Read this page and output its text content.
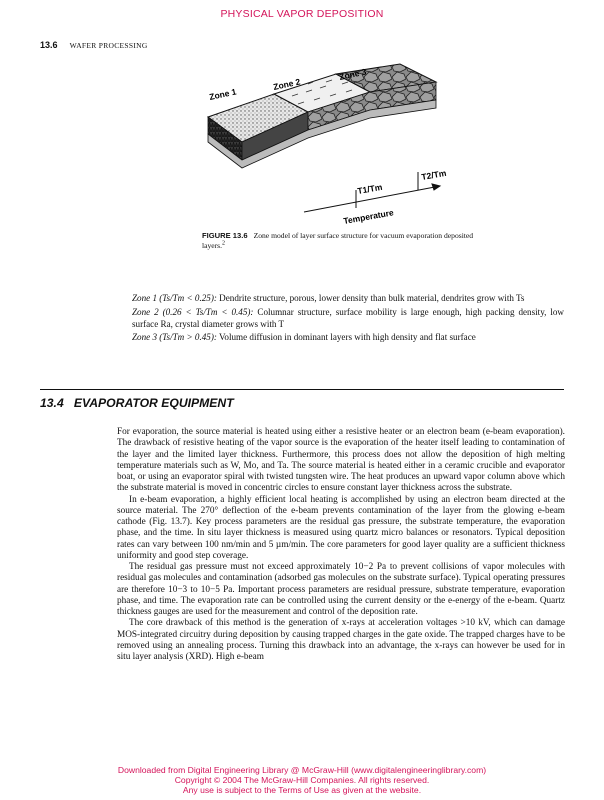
PHYSICAL VAPOR DEPOSITION
13.6 WAFER PROCESSING
Zone 1
Zone 2
Zone 3
T1/Tm
T2/Tm
Temperature
FIGURE 13.6 Zone model of layer surface structure for vacuum evaporation deposited layers.$^2$
Zone 1 (Ts/Tm < 0.25): Dendrite structure, porous, lower density than bulk material, dendrites grow with Ts
Zone 2 (0.26 < Ts/Tm < 0.45): Columnar structure, surface mobility is large enough, high packing density, low surface Ra, crystal diameter grows with T
Zone 3 (Ts/Tm > 0.45): Volume diffusion in dominant layers with high density and flat surface
13.4   EVAPORATOR EQUIPMENT

For evaporation, the source material is heated using either a resistive heater or an electron beam (e-beam evaporation). The drawback of resistive heating of the vapor source is the evaporation of the heater itself leading to contamination of the layer and the limited layer thickness. Furthermore, this process does not allow the deposition of high melting temperature materials such as W, Mo, and Ta. The source material is heated either in a ceramic crucible and evaporator boat, or using an evaporator spiral with twisted tungsten wire. The heat produces an upward vapor column above which the substrate material is moved in concentric circles to ensure constant layer thickness across the substrate.

In e-beam evaporation, a highly efficient local heating is accomplished by using an electron beam directed at the source material. The 270° deflection of the e-beam prevents contamination of the layer from the glowing e-beam cathode (Fig. 13.7). Key process parameters are the residual gas pressure, the substrate temperature, the evaporation phase, and the time. In situ layer thickness is measured using quartz micro balances or resonators. Typical deposition rates can vary between 100 nm/min and 5 µm/min. The core parameters for good layer quality are a sufficient thickness uniformity and good step coverage.

The residual gas pressure must not exceed approximately 10−2 Pa to prevent collisions of vapor molecules with residual gas molecules and contamination (adsorbed gas molecules on the substrate surface). Typical operating pressures are therefore 10−3 to 10−5 Pa. Important process parameters are residual pressure, substrate temperature, evaporation phase, and time. The evaporation rate can be controlled using the current density or the e-energy of the e-beam. Quartz thickness gauges are used for the measurement and control of the deposition rate.

The core drawback of this method is the generation of x-rays at acceleration voltages >10 kV, which can damage MOS-integrated circuitry during deposition by causing trapped charges in the gate oxide. The trapped charges have to be removed using an annealing process. Turning this drawback into an advantage, the x-rays can however be used for in situ layer analysis (XRD). High e-beam

Downloaded from Digital Engineering Library @ McGraw-Hill (www.digitalengineeringlibrary.com)
Copyright © 2004 The McGraw-Hill Companies. All rights reserved.
Any use is subject to the Terms of Use as given at the website.
